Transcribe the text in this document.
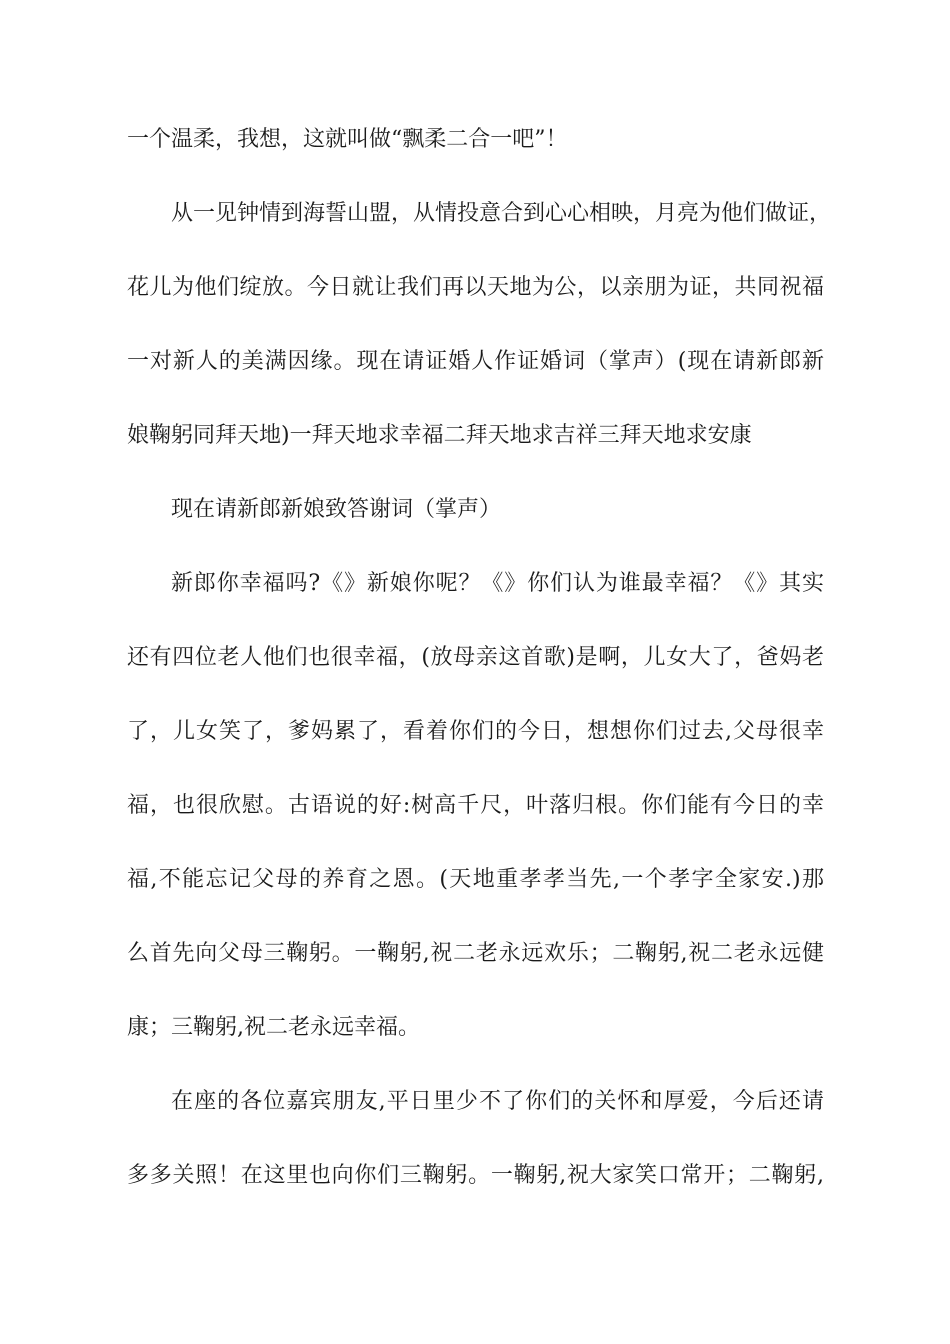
一个温柔，我想，这就叫做“飘柔二合一吧”！
从一见钟情到海誓山盟，从情投意合到心心相映，月亮为他们做证，
花儿为他们绽放。今日就让我们再以天地为公，以亲朋为证，共同祝福
一对新人的美满因缘。现在请证婚人作证婚词（掌声）(现在请新郎新
娘鞠躬同拜天地)一拜天地求幸福二拜天地求吉祥三拜天地求安康
现在请新郎新娘致答谢词（掌声）
新郎你幸福吗?《》新娘你呢？《》你们认为谁最幸福？《》其实
还有四位老人他们也很幸福，(放母亲这首歌)是啊，儿女大了，爸妈老
了，儿女笑了，爹妈累了，看着你们的今日，想想你们过去,父母很幸
福，也很欣慰。古语说的好:树高千尺，叶落归根。你们能有今日的幸
福,不能忘记父母的养育之恩。(天地重孝孝当先,一个孝字全家安.)那
么首先向父母三鞠躬。一鞠躬,祝二老永远欢乐；二鞠躬,祝二老永远健
康；三鞠躬,祝二老永远幸福。
在座的各位嘉宾朋友,平日里少不了你们的关怀和厚爱，今后还请
多多关照！在这里也向你们三鞠躬。一鞠躬,祝大家笑口常开；二鞠躬,
